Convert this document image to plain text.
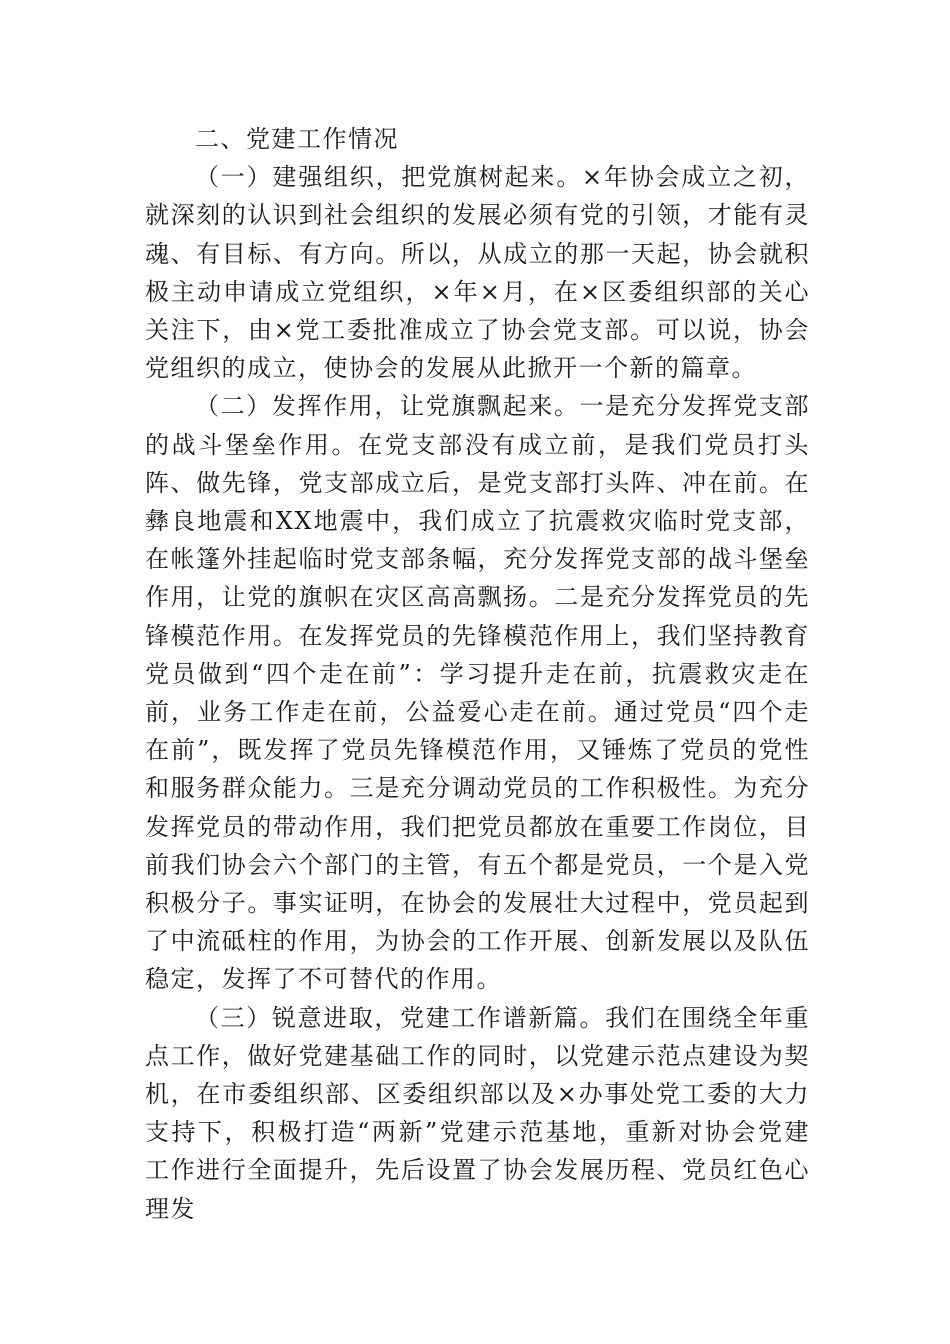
二、党建工作情况

（一）建强组织，把党旗树起来。×年协会成立之初，就深刻的认识到社会组织的发展必须有党的引领，才能有灵魂、有目标、有方向。所以，从成立的那一天起，协会就积极主动申请成立党组织，×年×月，在×区委组织部的关心关注下，由×党工委批准成立了协会党支部。可以说，协会党组织的成立，使协会的发展从此掀开一个新的篇章。

（二）发挥作用，让党旗飘起来。一是充分发挥党支部的战斗堡垒作用。在党支部没有成立前，是我们党员打头阵、做先锋，党支部成立后，是党支部打头阵、冲在前。在彝良地震和XX地震中，我们成立了抗震救灾临时党支部，在帐篷外挂起临时党支部条幅，充分发挥党支部的战斗堡垒作用，让党的旗帜在灾区高高飘扬。二是充分发挥党员的先锋模范作用。在发挥党员的先锋模范作用上，我们坚持教育党员做到“四个走在前”：学习提升走在前，抗震救灾走在前，业务工作走在前，公益爱心走在前。通过党员“四个走在前”，既发挥了党员先锋模范作用，又锤炼了党员的党性和服务群众能力。三是充分调动党员的工作积极性。为充分发挥党员的带动作用，我们把党员都放在重要工作岗位，目前我们协会六个部门的主管，有五个都是党员，一个是入党积极分子。事实证明，在协会的发展壮大过程中，党员起到了中流砥柱的作用，为协会的工作开展、创新发展以及队伍稳定，发挥了不可替代的作用。

（三）锐意进取，党建工作谱新篇。我们在围绕全年重点工作，做好党建基础工作的同时，以党建示范点建设为契机，在市委组织部、区委组织部以及×办事处党工委的大力支持下，积极打造“两新”党建示范基地，重新对协会党建工作进行全面提升，先后设置了协会发展历程、党员红色心理发
